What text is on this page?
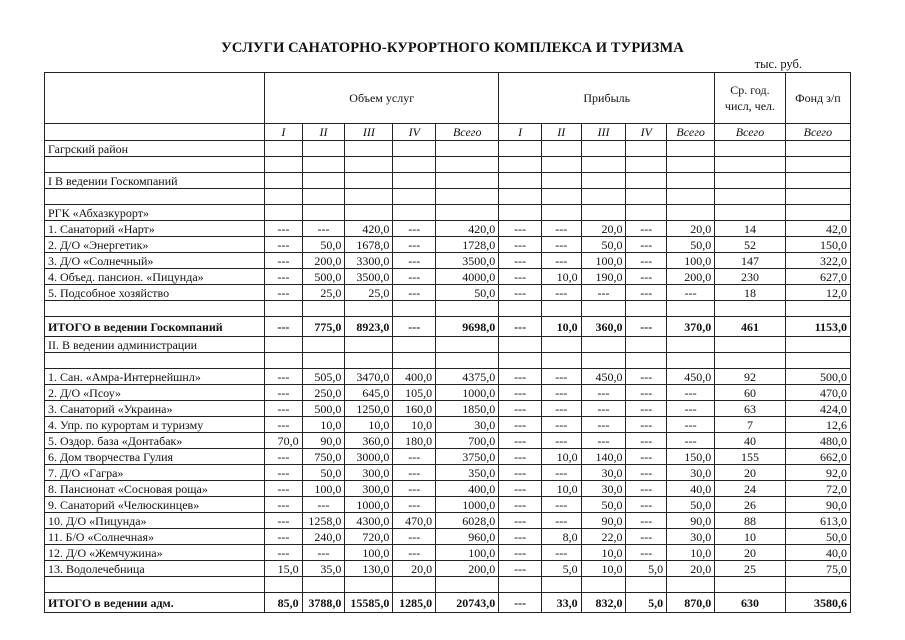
УСЛУГИ САНАТОРНО-КУРОРТНОГО КОМПЛЕКСА И ТУРИЗМА
тыс. руб.
	Объем услуг					Прибыль					Ср. год. числ, чел.	Фонд з/п
	I	II	III	IV	Всего	I	II	III	IV	Всего	Всего	Всего
Гагрский район												

I В ведении Госкомпаний												

РГК «Абхазкурорт»												
1. Санаторий «Нарт»	---	---	420,0	---	420,0	---	---	20,0	---	20,0	14	42,0
2. Д/О «Энергетик»	---	50,0	1678,0	---	1728,0	---	---	50,0	---	50,0	52	150,0
3. Д/О «Солнечный»	---	200,0	3300,0	---	3500,0	---	---	100,0	---	100,0	147	322,0
4. Объед. пансион. «Пицунда»	---	500,0	3500,0	---	4000,0	---	10,0	190,0	---	200,0	230	627,0
5. Подсобное хозяйство	---	25,0	25,0	---	50,0	---	---	---	---	---	18	12,0

ИТОГО в ведении Госкомпаний	---	775,0	8923,0	---	9698,0	---	10,0	360,0	---	370,0	461	1153,0
II. В ведении администрации												

1. Сан. «Амра-Интернейшнл»	---	505,0	3470,0	400,0	4375,0	---	---	450,0	---	450,0	92	500,0
2. Д/О «Псоу»	---	250,0	645,0	105,0	1000,0	---	---	---	---	---	60	470,0
3. Санаторий «Украина»	---	500,0	1250,0	160,0	1850,0	---	---	---	---	---	63	424,0
4. Упр. по курортам и туризму	---	10,0	10,0	10,0	30,0	---	---	---	---	---	7	12,6
5. Оздор. база «Донтабак»	70,0	90,0	360,0	180,0	700,0	---	---	---	---	---	40	480,0
6. Дом творчества Гулия	---	750,0	3000,0	---	3750,0	---	10,0	140,0	---	150,0	155	662,0
7. Д/О «Гагра»	---	50,0	300,0	---	350,0	---	---	30,0	---	30,0	20	92,0
8. Пансионат «Сосновая роща»	---	100,0	300,0	---	400,0	---	10,0	30,0	---	40,0	24	72,0
9. Санаторий «Челюскинцев»	---	---	1000,0	---	1000,0	---	---	50,0	---	50,0	26	90,0
10. Д/О «Пицунда»	---	1258,0	4300,0	470,0	6028,0	---	---	90,0	---	90,0	88	613,0
11. Б/О «Солнечная»	---	240,0	720,0	---	960,0	---	8,0	22,0	---	30,0	10	50,0
12. Д/О «Жемчужина»	---	---	100,0	---	100,0	---	---	10,0	---	10,0	20	40,0
13. Водолечебница	15,0	35,0	130,0	20,0	200,0	---	5,0	10,0	5,0	20,0	25	75,0

ИТОГО в ведении адм.	85,0	3788,0	15585,0	1285,0	20743,0	---	33,0	832,0	5,0	870,0	630	3580,6
